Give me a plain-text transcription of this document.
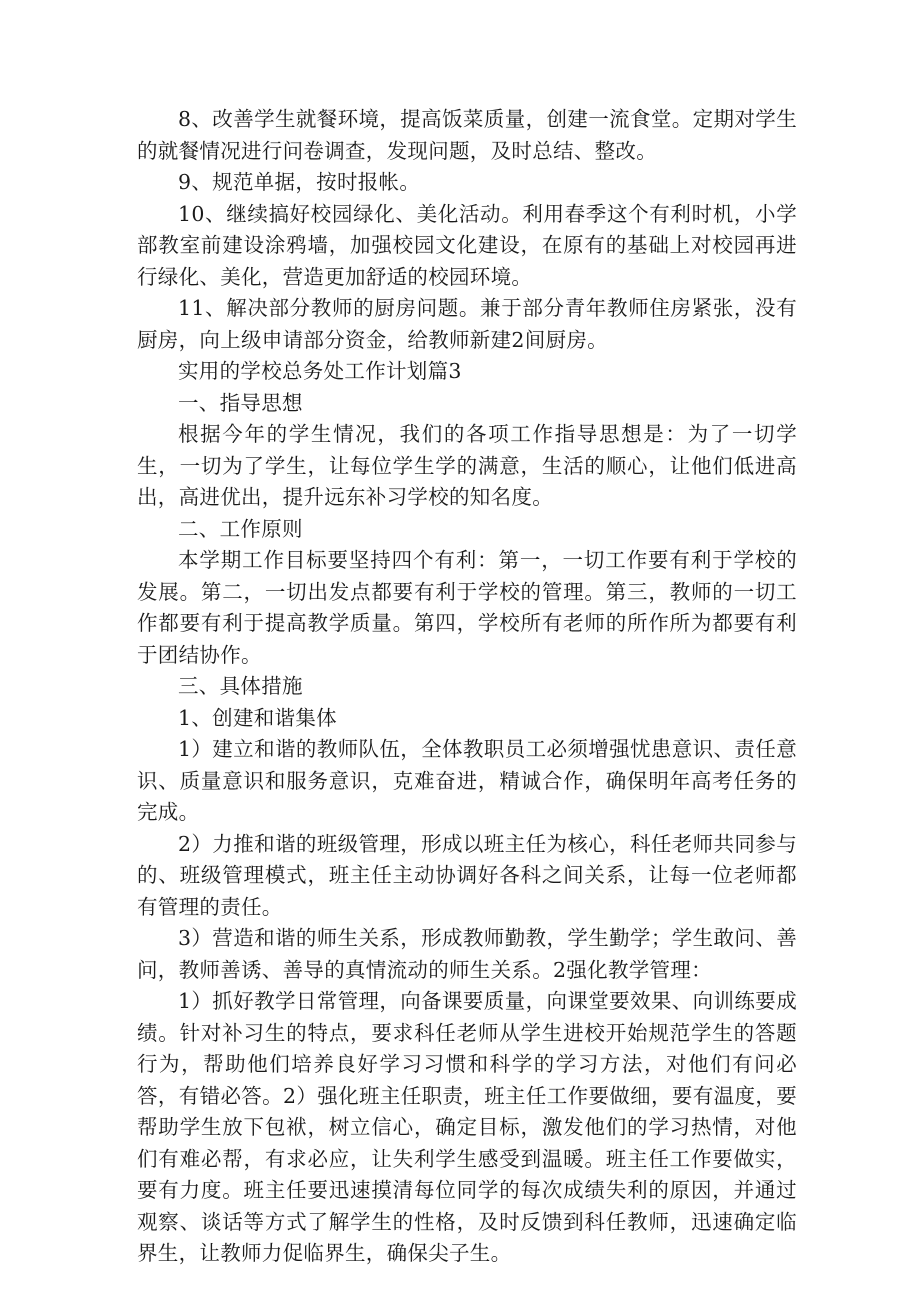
8、改善学生就餐环境，提高饭菜质量，创建一流食堂。定期对学生的就餐情况进行问卷调查，发现问题，及时总结、整改。

9、规范单据，按时报帐。

10、继续搞好校园绿化、美化活动。利用春季这个有利时机，小学部教室前建设涂鸦墙，加强校园文化建设，在原有的基础上对校园再进行绿化、美化，营造更加舒适的校园环境。

11、解决部分教师的厨房问题。兼于部分青年教师住房紧张，没有厨房，向上级申请部分资金，给教师新建2间厨房。

实用的学校总务处工作计划篇3

一、指导思想

根据今年的学生情况，我们的各项工作指导思想是：为了一切学生，一切为了学生，让每位学生学的满意，生活的顺心，让他们低进高出，高进优出，提升远东补习学校的知名度。

二、工作原则

本学期工作目标要坚持四个有利：第一，一切工作要有利于学校的发展。第二，一切出发点都要有利于学校的管理。第三，教师的一切工作都要有利于提高教学质量。第四，学校所有老师的所作所为都要有利于团结协作。

三、具体措施

1、创建和谐集体

1）建立和谐的教师队伍，全体教职员工必须增强忧患意识、责任意识、质量意识和服务意识，克难奋进，精诚合作，确保明年高考任务的完成。

2）力推和谐的班级管理，形成以班主任为核心，科任老师共同参与的、班级管理模式，班主任主动协调好各科之间关系，让每一位老师都有管理的责任。

3）营造和谐的师生关系，形成教师勤教，学生勤学；学生敢问、善问，教师善诱、善导的真情流动的师生关系。2强化教学管理：

1）抓好教学日常管理，向备课要质量，向课堂要效果、向训练要成绩。针对补习生的特点，要求科任老师从学生进校开始规范学生的答题行为，帮助他们培养良好学习习惯和科学的学习方法，对他们有问必答，有错必答。2）强化班主任职责，班主任工作要做细，要有温度，要帮助学生放下包袱，树立信心，确定目标，激发他们的学习热情，对他们有难必帮，有求必应，让失利学生感受到温暖。班主任工作要做实，要有力度。班主任要迅速摸清每位同学的每次成绩失利的原因，并通过观察、谈话等方式了解学生的性格，及时反馈到科任教师，迅速确定临界生，让教师力促临界生，确保尖子生。
